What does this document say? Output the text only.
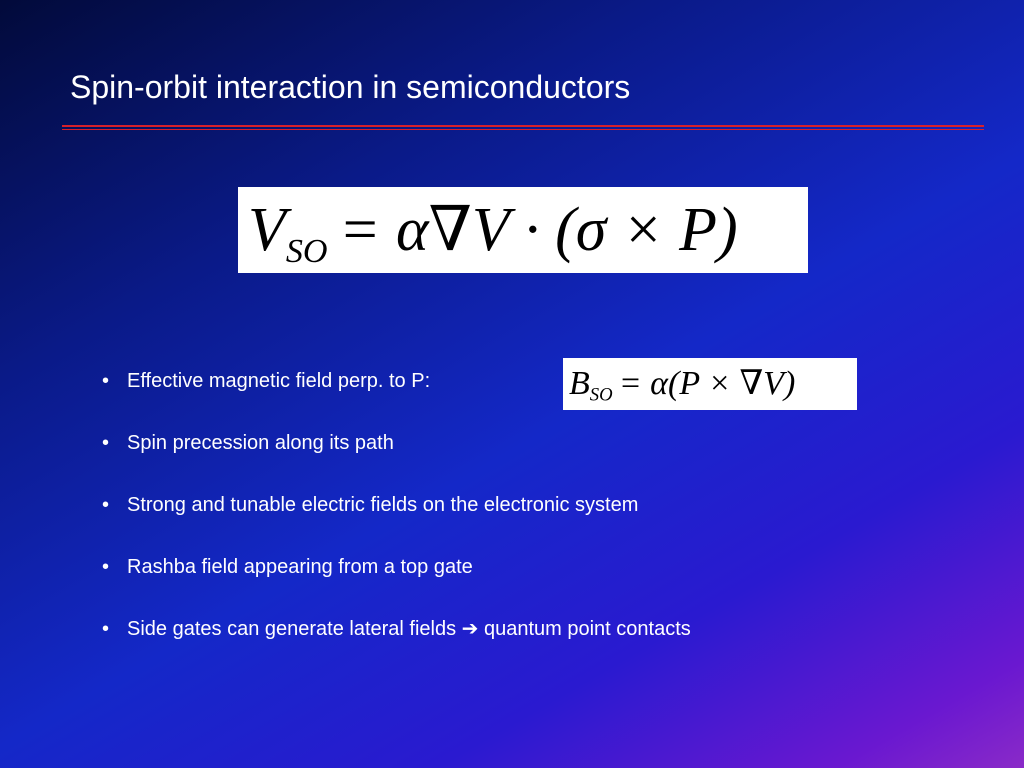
Spin-orbit interaction in semiconductors
$V_{SO} = \alpha\nabla V \cdot (\sigma \times P)$
$B_{SO} = \alpha(P \times \nabla V)$
• Effective magnetic field perp. to P:
• Spin precession along its path
• Strong and tunable electric fields on the electronic system
• Rashba field appearing from a top gate
• Side gates can generate lateral fields ➔ quantum point contacts
